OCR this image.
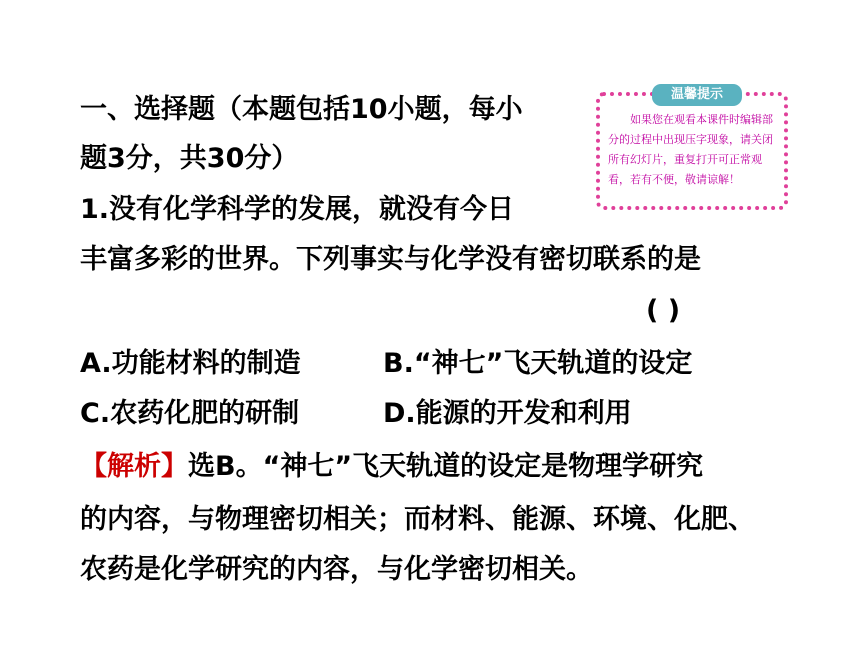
温馨提示
如果您在观看本课件时编辑部分的过程中出现压字现象，请关闭所有幻灯片，重复打开可正常观看，若有不便，敬请谅解！

一、选择题（本题包括10小题，每小

题3分，共30分）

1.没有化学科学的发展，就没有今日

丰富多彩的世界。下列事实与化学没有密切联系的是

( )
A.功能材料的制造	B.“神七”飞天轨道的设定
C.农药化肥的研制	D.能源的开发和利用

【解析】选B。“神七”飞天轨道的设定是物理学研究

的内容，与物理密切相关；而材料、能源、环境、化肥、

农药是化学研究的内容，与化学密切相关。
